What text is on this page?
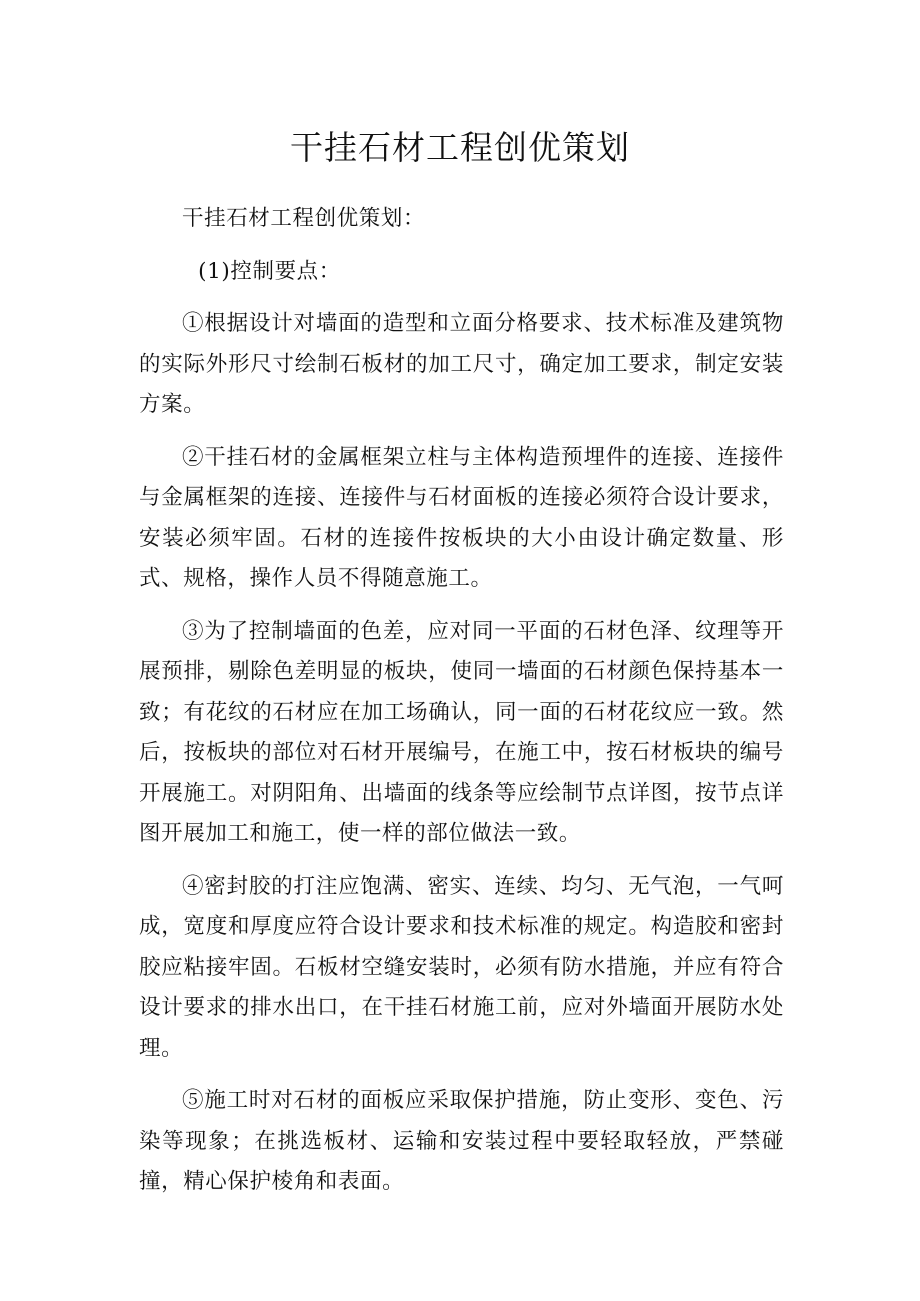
干挂石材工程创优策划

干挂石材工程创优策划：

(1)控制要点：

①根据设计对墙面的造型和立面分格要求、技术标准及建筑物的实际外形尺寸绘制石板材的加工尺寸，确定加工要求，制定安装方案。

②干挂石材的金属框架立柱与主体构造预埋件的连接、连接件与金属框架的连接、连接件与石材面板的连接必须符合设计要求，安装必须牢固。石材的连接件按板块的大小由设计确定数量、形式、规格，操作人员不得随意施工。

③为了控制墙面的色差，应对同一平面的石材色泽、纹理等开展预排，剔除色差明显的板块，使同一墙面的石材颜色保持基本一致；有花纹的石材应在加工场确认，同一面的石材花纹应一致。然后，按板块的部位对石材开展编号，在施工中，按石材板块的编号开展施工。对阴阳角、出墙面的线条等应绘制节点详图，按节点详图开展加工和施工，使一样的部位做法一致。

④密封胶的打注应饱满、密实、连续、均匀、无气泡，一气呵成，宽度和厚度应符合设计要求和技术标准的规定。构造胶和密封胶应粘接牢固。石板材空缝安装时，必须有防水措施，并应有符合设计要求的排水出口，在干挂石材施工前，应对外墙面开展防水处理。

⑤施工时对石材的面板应采取保护措施，防止变形、变色、污染等现象；在挑选板材、运输和安装过程中要轻取轻放，严禁碰撞，精心保护棱角和表面。
